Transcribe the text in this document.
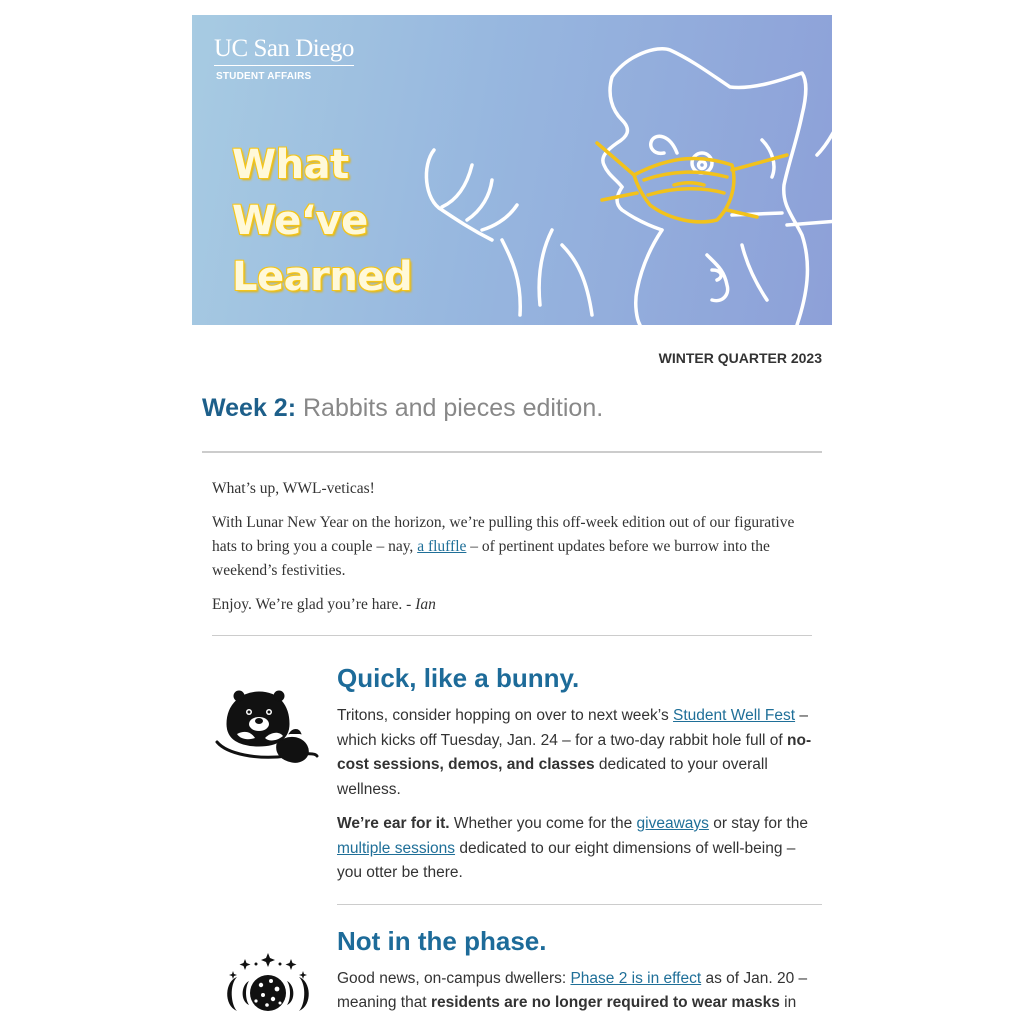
UC San Diego
STUDENT AFFAIRS
What
We‘ve
Learned
WINTER QUARTER 2023
Week 2: Rabbits and pieces edition.

What’s up, WWL-veticas!

With Lunar New Year on the horizon, we’re pulling this off-week edition out of our figurative hats to bring you a couple – nay, a fluffle – of pertinent updates before we burrow into the weekend’s festivities.

Enjoy. We’re glad you’re hare. - Ian

Quick, like a bunny.

Tritons, consider hopping on over to next week’s Student Well Fest – which kicks off Tuesday, Jan. 24 – for a two-day rabbit hole full of no-cost sessions, demos, and classes dedicated to your overall wellness.

We’re ear for it. Whether you come for the giveaways or stay for the multiple sessions dedicated to our eight dimensions of well-being – you otter be there.

Not in the phase.

Good news, on-campus dwellers: Phase 2 is in effect as of Jan. 20 – meaning that residents are no longer required to wear masks in
